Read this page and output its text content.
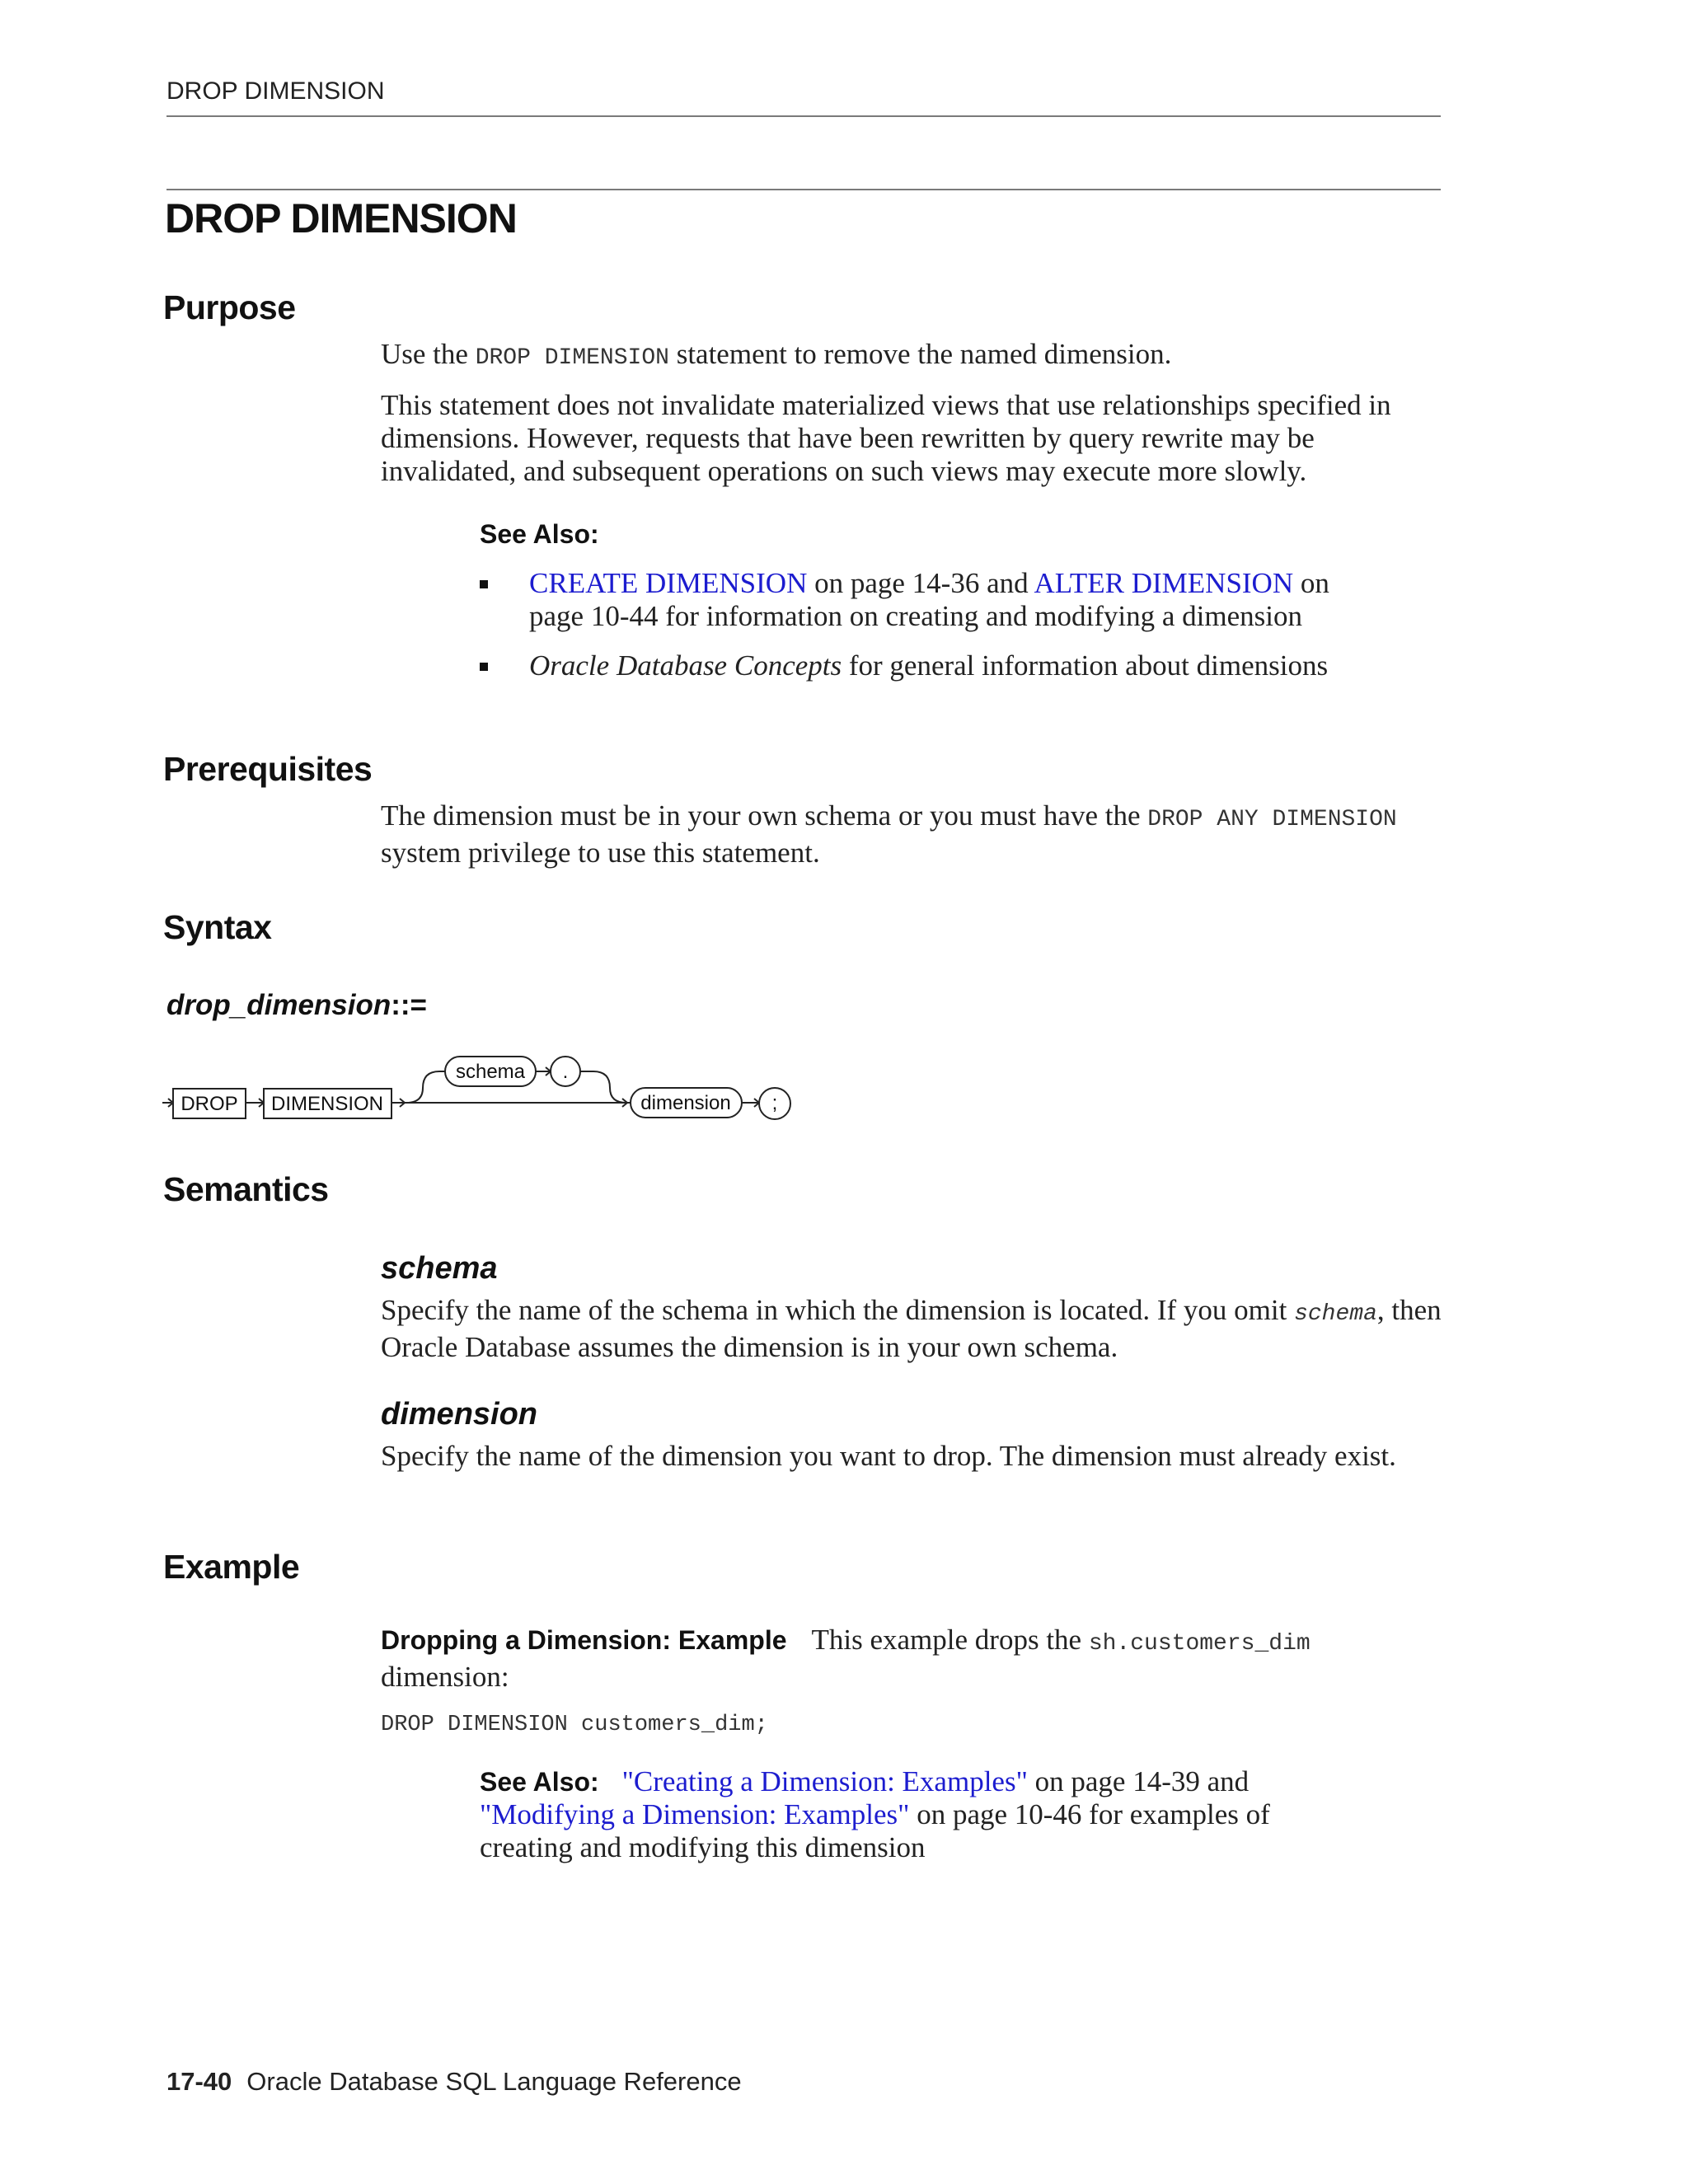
DROP DIMENSION
DROP DIMENSION
Purpose
Use the DROP DIMENSION statement to remove the named dimension.
This statement does not invalidate materialized views that use relationships specified in dimensions. However, requests that have been rewritten by query rewrite may be invalidated, and subsequent operations on such views may execute more slowly.
See Also:
CREATE DIMENSION on page 14-36 and ALTER DIMENSION on page 10-44 for information on creating and modifying a dimension
Oracle Database Concepts for general information about dimensions
Prerequisites
The dimension must be in your own schema or you must have the DROP ANY DIMENSION system privilege to use this statement.
Syntax
drop_dimension::=
DROP DIMENSION
schema .
dimension ;
Semantics
schema
Specify the name of the schema in which the dimension is located. If you omit schema, then Oracle Database assumes the dimension is in your own schema.
dimension
Specify the name of the dimension you want to drop. The dimension must already exist.
Example
Dropping a Dimension: Example This example drops the sh.customers_dim dimension:
DROP DIMENSION customers_dim;
See Also: "Creating a Dimension: Examples" on page 14-39 and "Modifying a Dimension: Examples" on page 10-46 for examples of creating and modifying this dimension
17-40 Oracle Database SQL Language Reference
